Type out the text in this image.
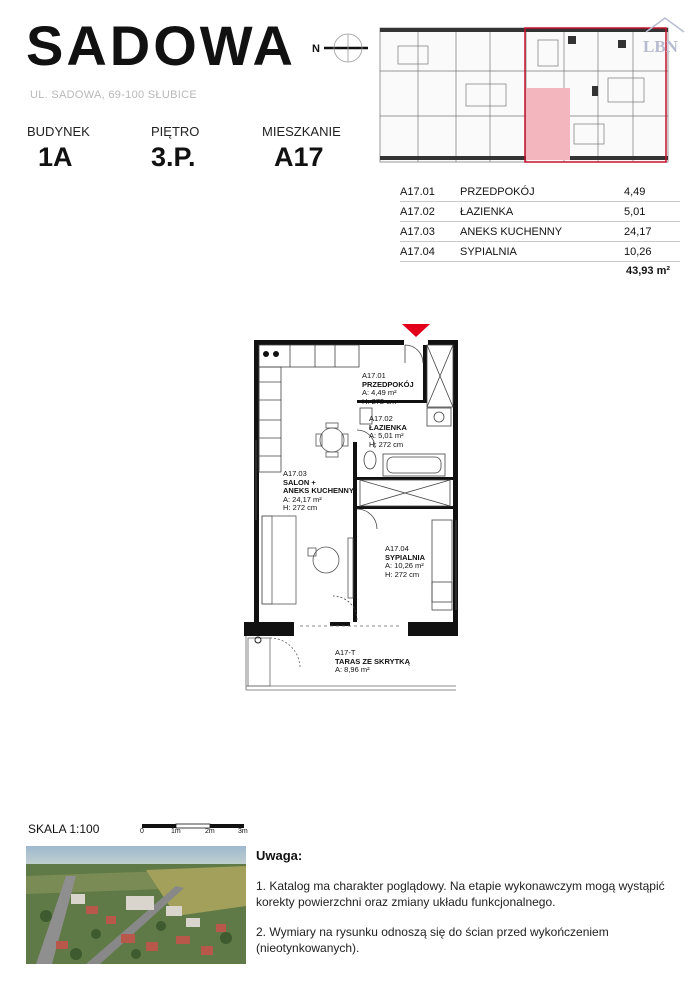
SADOWA
UL. SADOWA, 69-100 SŁUBICE
N	LBN
BUDYNEK
1A
PIĘTRO
3.P.
MIESZKANIE
A17
A17.01	PRZEDPOKÓJ	4,49
A17.02	ŁAZIENKA	5,01
A17.03	ANEKS KUCHENNY	24,17
A17.04	SYPIALNIA	10,26
43,93 m²
A17.01
PRZEDPOKÓJ
A: 4,49 m²
H: 272 cm
A17.02
ŁAZIENKA
A: 5,01 m²
H: 272 cm
A17.03
SALON +
ANEKS KUCHENNY
A: 24,17 m²
H: 272 cm
A17.04
SYPIALNIA
A: 10,26 m²
H: 272 cm
A17-T
TARAS ZE SKRYTKĄ
A: 8,96 m²
SKALA 1:100	0	1m	2m	3m
Uwaga:
1. Katalog ma charakter poglądowy. Na etapie wykonawczym mogą wystąpić korekty powierzchni oraz zmiany układu funkcjonalnego.
2. Wymiary na rysunku odnoszą się do ścian przed wykończeniem (nieotynkowanych).
